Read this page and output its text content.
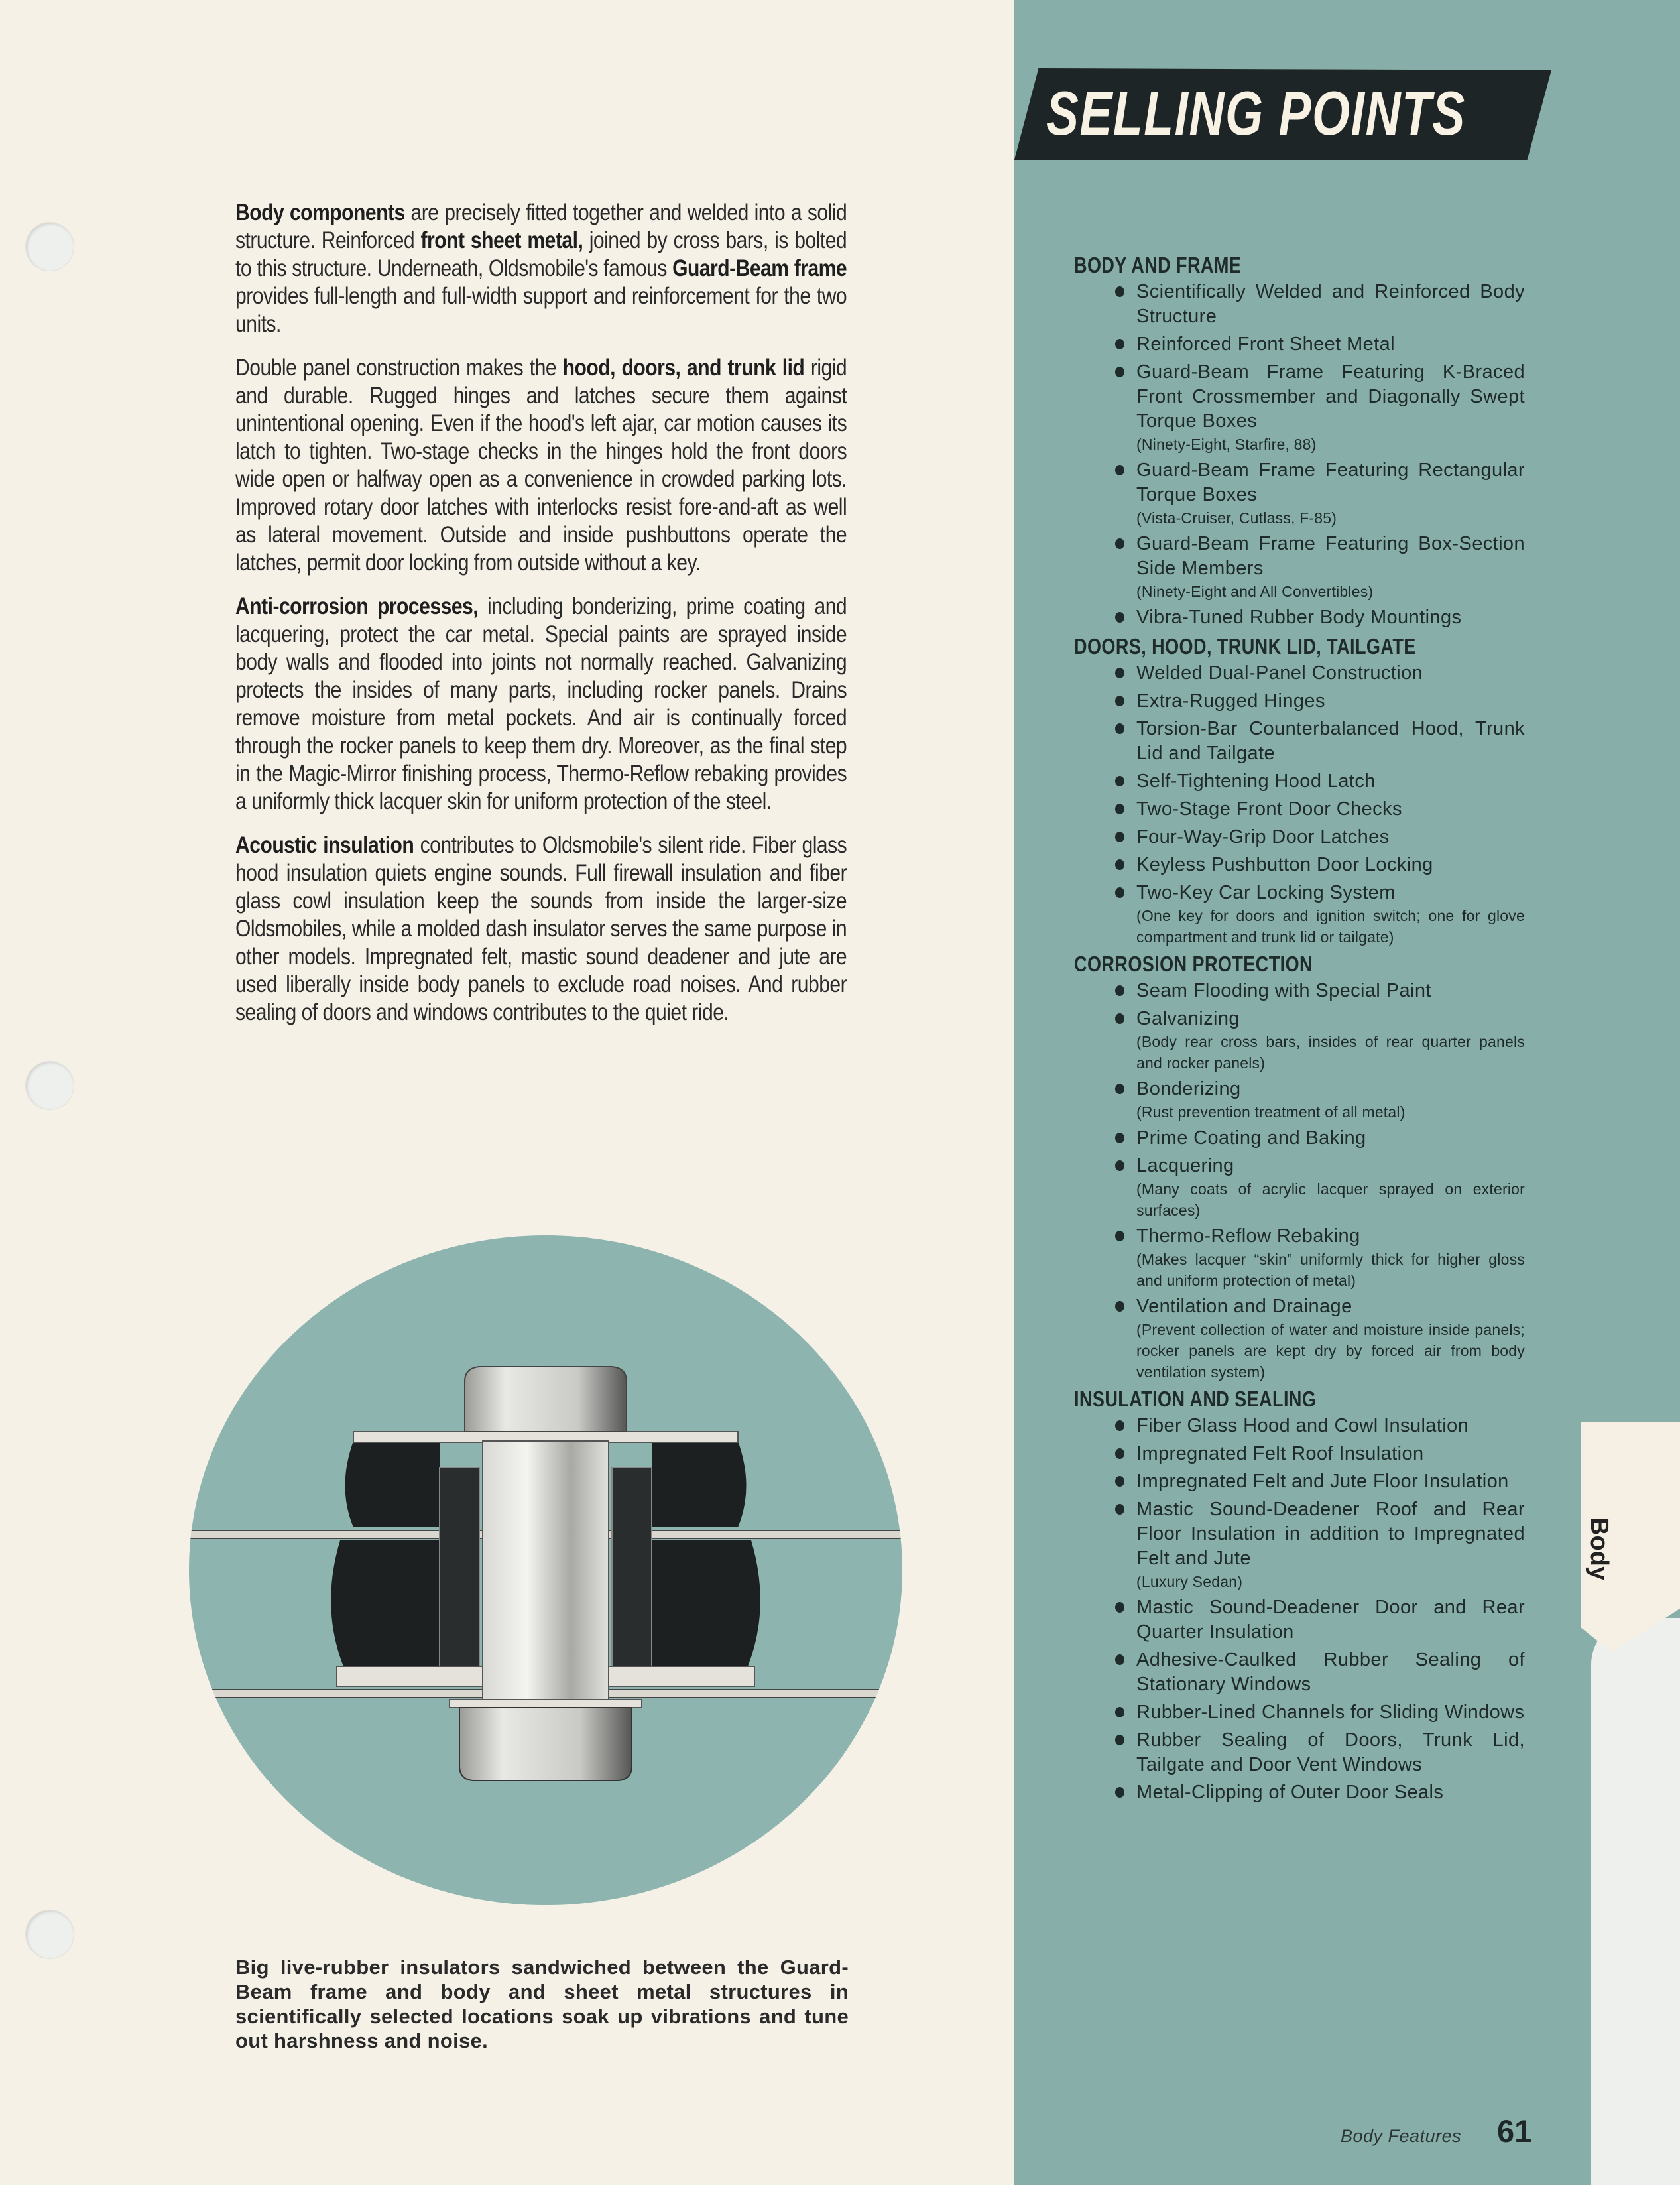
Body components are precisely fitted together and welded into a solid structure. Reinforced front sheet metal, joined by cross bars, is bolted to this structure. Underneath, Oldsmobile's famous Guard-Beam frame provides full-length and full-width support and reinforcement for the two units.

Double panel construction makes the hood, doors, and trunk lid rigid and durable. Rugged hinges and latches secure them against unintentional opening. Even if the hood's left ajar, car motion causes its latch to tighten. Two-stage checks in the hinges hold the front doors wide open or halfway open as a convenience in crowded parking lots. Improved rotary door latches with interlocks resist fore-and-aft as well as lateral movement. Outside and inside pushbuttons operate the latches, permit door locking from outside without a key.

Anti-corrosion processes, including bonderizing, prime coating and lacquering, protect the car metal. Special paints are sprayed inside body walls and flooded into joints not normally reached. Galvanizing protects the insides of many parts, including rocker panels. Drains remove moisture from metal pockets. And air is continually forced through the rocker panels to keep them dry. Moreover, as the final step in the Magic-Mirror finishing process, Thermo-Reflow rebaking provides a uniformly thick lacquer skin for uniform protection of the steel.

Acoustic insulation contributes to Oldsmobile's silent ride. Fiber glass hood insulation quiets engine sounds. Full firewall insulation and fiber glass cowl insulation keep the sounds from inside the larger-size Oldsmobiles, while a molded dash insulator serves the same purpose in other models. Impregnated felt, mastic sound deadener and jute are used liberally inside body panels to exclude road noises. And rubber sealing of doors and windows contributes to the quiet ride.

Big live-rubber insulators sandwiched between the Guard-Beam frame and body and sheet metal structures in scientifically selected locations soak up vibrations and tune out harshness and noise.
SELLING POINTS
BODY AND FRAME
Scientifically Welded and Reinforced Body Structure
Reinforced Front Sheet Metal
Guard-Beam Frame Featuring K-Braced Front Crossmember and Diagonally Swept Torque Boxes
(Ninety-Eight, Starfire, 88)
Guard-Beam Frame Featuring Rectangular Torque Boxes
(Vista-Cruiser, Cutlass, F-85)
Guard-Beam Frame Featuring Box-Section Side Members
(Ninety-Eight and All Convertibles)
Vibra-Tuned Rubber Body Mountings
DOORS, HOOD, TRUNK LID, TAILGATE
Welded Dual-Panel Construction
Extra-Rugged Hinges
Torsion-Bar Counterbalanced Hood, Trunk Lid and Tailgate
Self-Tightening Hood Latch
Two-Stage Front Door Checks
Four-Way-Grip Door Latches
Keyless Pushbutton Door Locking
Two-Key Car Locking System
(One key for doors and ignition switch; one for glove compartment and trunk lid or tailgate)
CORROSION PROTECTION
Seam Flooding with Special Paint
Galvanizing
(Body rear cross bars, insides of rear quarter panels and rocker panels)
Bonderizing
(Rust prevention treatment of all metal)
Prime Coating and Baking
Lacquering
(Many coats of acrylic lacquer sprayed on exterior surfaces)
Thermo-Reflow Rebaking
(Makes lacquer “skin” uniformly thick for higher gloss and uniform protection of metal)
Ventilation and Drainage
(Prevent collection of water and moisture inside panels; rocker panels are kept dry by forced air from body ventilation system)
INSULATION AND SEALING
Fiber Glass Hood and Cowl Insulation
Impregnated Felt Roof Insulation
Impregnated Felt and Jute Floor Insulation
Mastic Sound-Deadener Roof and Rear Floor Insulation in addition to Impregnated Felt and Jute
(Luxury Sedan)
Mastic Sound-Deadener Door and Rear Quarter Insulation
Adhesive-Caulked Rubber Sealing of Stationary Windows
Rubber-Lined Channels for Sliding Windows
Rubber Sealing of Doors, Trunk Lid, Tailgate and Door Vent Windows
Metal-Clipping of Outer Door Seals
Body
Body Features 61
